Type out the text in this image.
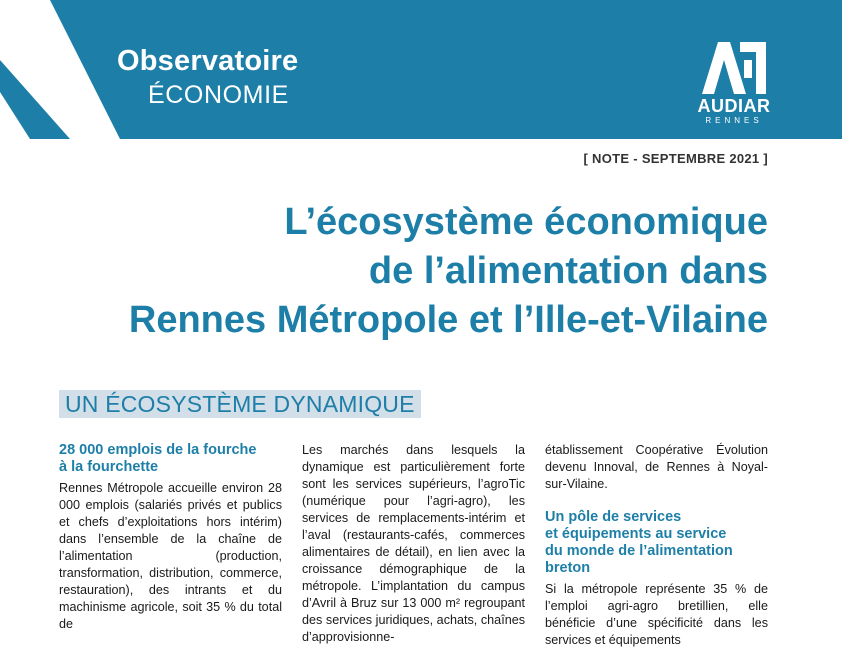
Observatoire
ÉCONOMIE	AUDIAR
RENNES
[ NOTE - SEPTEMBRE 2021 ]
L’écosystème économique
de l’alimentation dans
Rennes Métropole et l’Ille-et-Vilaine
UN ÉCOSYSTÈME DYNAMIQUE
28 000 emplois de la fourche
à la fourchette

Rennes Métropole accueille environ 28 000 emplois (salariés privés et publics et chefs d’exploitations hors intérim) dans l’ensemble de la chaîne de l’alimentation (production, transformation, distribution, commerce, restauration), des intrants et du machinisme agricole, soit 35 % du total de

Les marchés dans lesquels la dynamique est particulièrement forte sont les services supérieurs, l’agroTic (numérique pour l’agri-agro), les services de remplacements-intérim et l’aval (restaurants-cafés, commerces alimentaires de détail), en lien avec la croissance démographique de la métropole. L’implantation du campus d’Avril à Bruz sur 13 000 m² regroupant des services juridiques, achats, chaînes d’approvisionne-

établissement Coopérative Évolution devenu Innoval, de Rennes à Noyal-sur-Vilaine.

Un pôle de services
et équipements au service
du monde de l’alimentation
breton

Si la métropole représente 35 % de l’emploi agri-agro bretillien, elle bénéficie d’une spécificité dans les services et équipements
